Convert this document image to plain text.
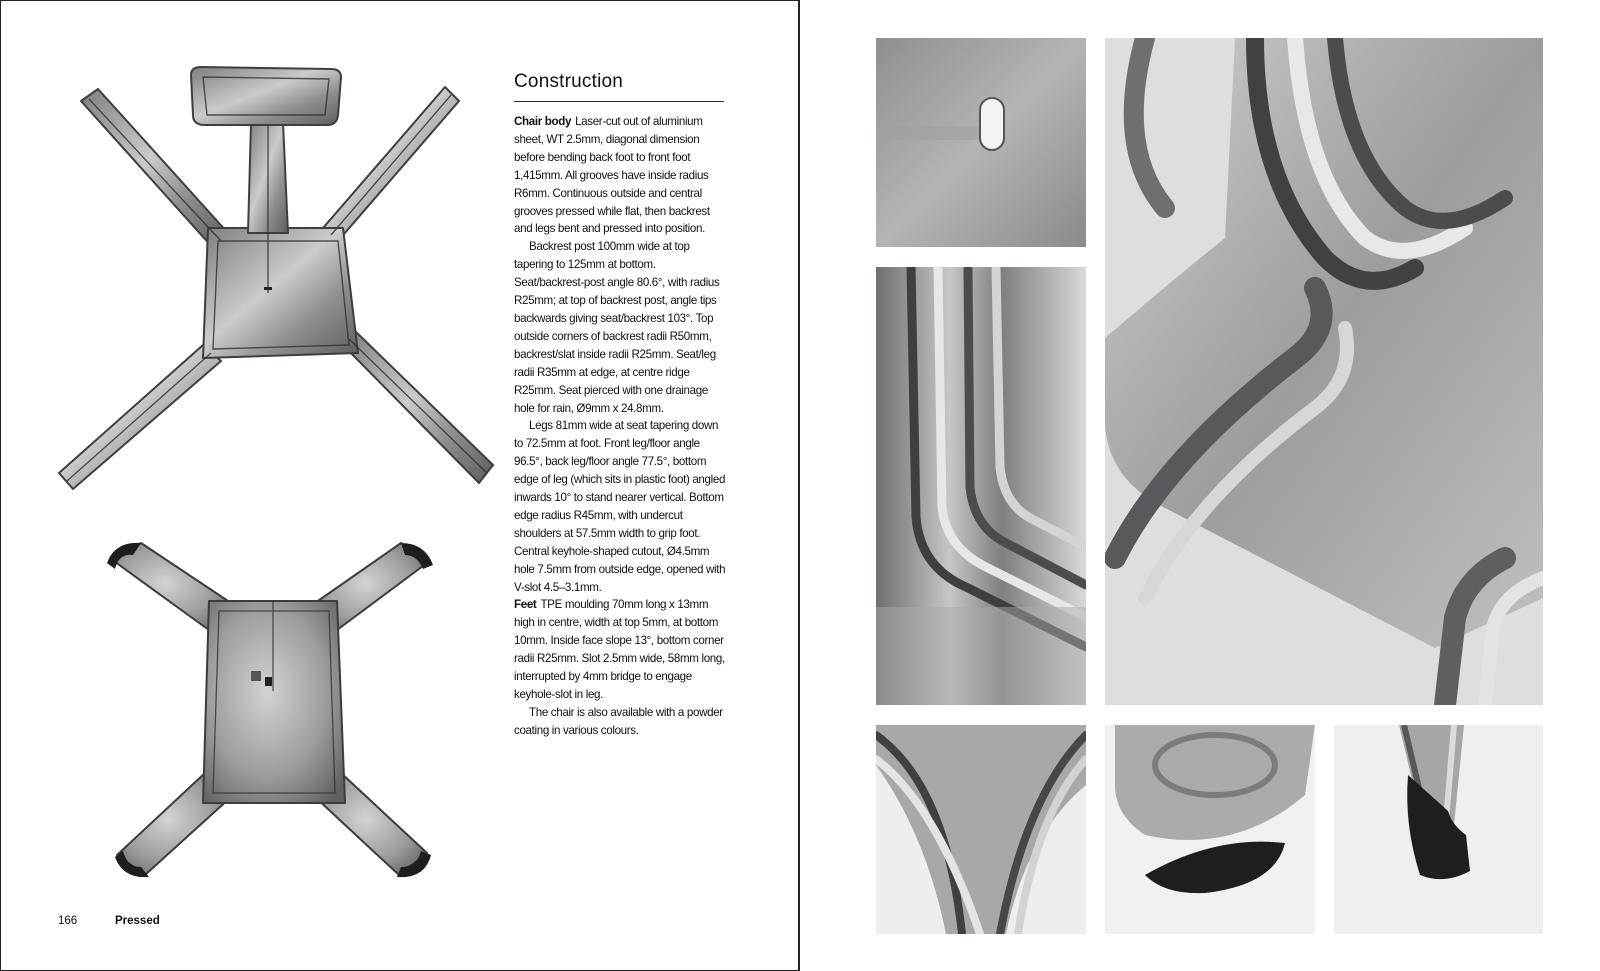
Construction

Chair body Laser-cut out of aluminium sheet, WT 2.5mm, diagonal dimension before bending back foot to front foot 1,415mm. All grooves have inside radius R6mm. Continuous outside and central grooves pressed while flat, then backrest and legs bent and pressed into position.

Backrest post 100mm wide at top tapering to 125mm at bottom. Seat/backrest-post angle 80.6°, with radius R25mm; at top of backrest post, angle tips backwards giving seat/backrest 103°. Top outside corners of backrest radii R50mm, backrest/slat inside radii R25mm. Seat/leg radii R35mm at edge, at centre ridge R25mm. Seat pierced with one drainage hole for rain, Ø9mm x 24.8mm.

Legs 81mm wide at seat tapering down to 72.5mm at foot. Front leg/floor angle 96.5°, back leg/floor angle 77.5°, bottom edge of leg (which sits in plastic foot) angled inwards 10° to stand nearer vertical. Bottom edge radius R45mm, with undercut shoulders at 57.5mm width to grip foot. Central keyhole-shaped cutout, Ø4.5mm hole 7.5mm from outside edge, opened with V-slot 4.5–3.1mm.

Feet TPE moulding 70mm long x 13mm high in centre, width at top 5mm, at bottom 10mm. Inside face slope 13°, bottom corner radii R25mm. Slot 2.5mm wide, 58mm long, interrupted by 4mm bridge to engage keyhole-slot in leg.

The chair is also available with a powder coating in various colours.

166	Pressed
